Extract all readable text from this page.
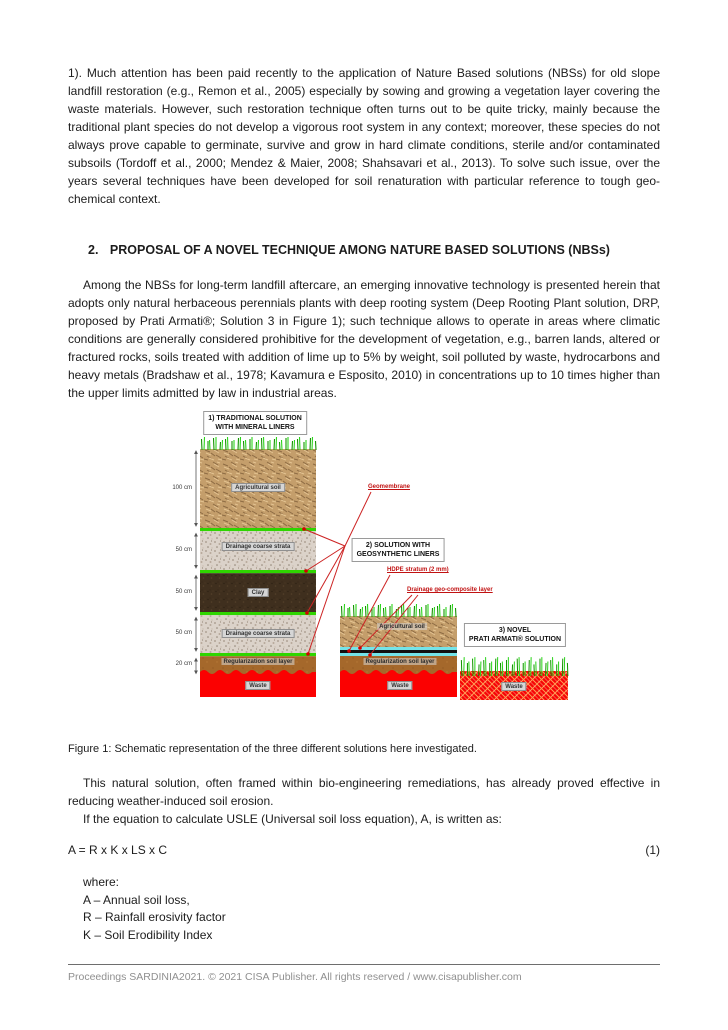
1). Much attention has been paid recently to the application of Nature Based solutions (NBSs) for old slope landfill restoration (e.g., Remon et al., 2005) especially by sowing and growing a vegetation layer covering the waste materials. However, such restoration technique often turns out to be quite tricky, mainly because the traditional plant species do not develop a vigorous root system in any context; moreover, these species do not always prove capable to germinate, survive and grow in hard climate conditions, sterile and/or contaminated subsoils (Tordoff et al., 2000; Mendez & Maier, 2008; Shahsavari et al., 2013). To solve such issue, over the years several techniques have been developed for soil renaturation with particular reference to tough geo-chemical context.
2. PROPOSAL OF A NOVEL TECHNIQUE AMONG NATURE BASED SOLUTIONS (NBSs)
Among the NBSs for long-term landfill aftercare, an emerging innovative technology is presented herein that adopts only natural herbaceous perennials plants with deep rooting system (Deep Rooting Plant solution, DRP, proposed by Prati Armati®; Solution 3 in Figure 1); such technique allows to operate in areas where climatic conditions are generally considered prohibitive for the development of vegetation, e.g., barren lands, altered or fractured rocks, soils treated with addition of lime up to 5% by weight, soil polluted by waste, hydrocarbons and heavy metals (Bradshaw et al., 1978; Kavamura e Esposito, 2010) in concentrations up to 10 times higher than the upper limits admitted by law in industrial areas.
1) TRADITIONAL SOLUTION
WITH MINERAL LINERS
2) SOLUTION WITH
GEOSYNTHETIC LINERS
3) NOVEL
PRATI ARMATI® SOLUTION
Agricultural soil
Drainage coarse strata
Clay
Drainage coarse strata
Regularization soil layer
Waste
Agricultural soil
Regularization soil layer
Waste	Waste
100 cm
50 cm
50 cm
50 cm
20 cm
Geomembrane
HDPE stratum (2 mm)
Drainage geo-composite layer
Figure 1: Schematic representation of the three different solutions here investigated.
This natural solution, often framed within bio-engineering remediations, has already proved effective in reducing weather-induced soil erosion.
If the equation to calculate USLE (Universal soil loss equation), A, is written as:
A = R x K x LS x C	(1)
where:
A – Annual soil loss,
R – Rainfall erosivity factor
K – Soil Erodibility Index
Proceedings SARDINIA2021. © 2021 CISA Publisher. All rights reserved / www.cisapublisher.com
